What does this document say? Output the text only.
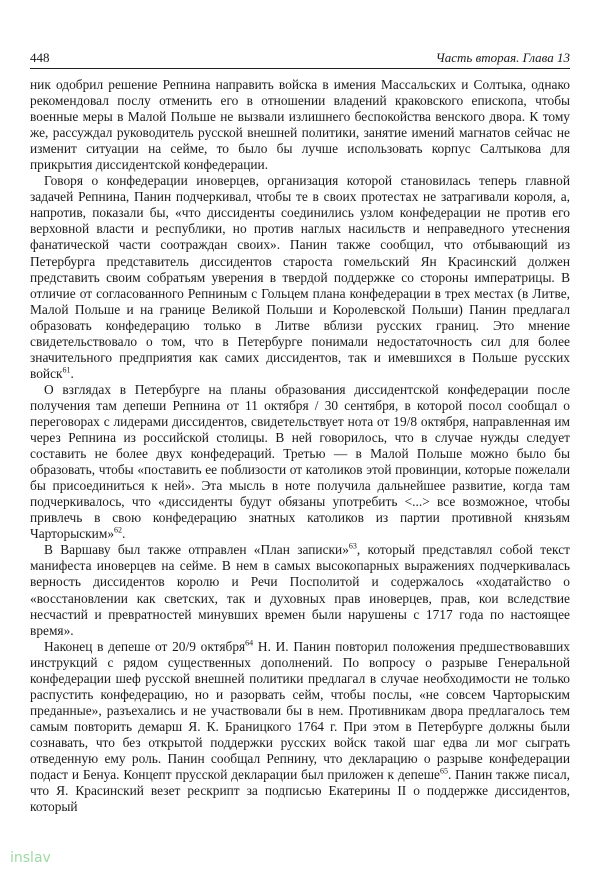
448	Часть вторая. Глава 13

ник одобрил решение Репнина направить войска в имения Массальских и Солтыка, однако рекомендовал послу отменить его в отношении владений краковского епископа, чтобы военные меры в Малой Польше не вызвали излишнего беспокойства венского двора. К тому же, рассуждал руководитель русской внешней политики, занятие имений магнатов сейчас не изменит ситуации на сейме, то было бы лучше использовать корпус Салтыкова для прикрытия диссидентской конфедерации.

Говоря о конфедерации иноверцев, организация которой становилась теперь главной задачей Репнина, Панин подчеркивал, чтобы те в своих протестах не затрагивали короля, а, напротив, показали бы, «что диссиденты соединились узлом конфедерации не против его верховной власти и республики, но против наглых насильств и неправедного утеснения фанатической части соотраждан своих». Панин также сообщил, что отбывающий из Петербурга представитель диссидентов староста гомельский Ян Красинский должен представить своим собратьям уверения в твердой поддержке со стороны императрицы. В отличие от согласованного Репниным с Гольцем плана конфедерации в трех местах (в Литве, Малой Польше и на границе Великой Польши и Королевской Польши) Панин предлагал образовать конфедерацию только в Литве вблизи русских границ. Это мнение свидетельствовало о том, что в Петербурге понимали недостаточность сил для более значительного предприятия как самих диссидентов, так и имевшихся в Польше русских войск$^{61}$.

О взглядах в Петербурге на планы образования диссидентской конфедерации после получения там депеши Репнина от 11 октября / 30 сентября, в которой посол сообщал о переговорах с лидерами диссидентов, свидетельствует нота от 19/8 октября, направленная им через Репнина из российской столицы. В ней говорилось, что в случае нужды следует составить не более двух конфедераций. Третью — в Малой Польше можно было бы образовать, чтобы «поставить ее поблизости от католиков этой провинции, которые пожелали бы присоединиться к ней». Эта мысль в ноте получила дальнейшее развитие, когда там подчеркивалось, что «диссиденты будут обязаны употребить <...> все возможное, чтобы привлечь в свою конфедерацию знатных католиков из партии противной князьям Чарторыским»$^{62}$.

В Варшаву был также отправлен «План записки»$^{63}$, который представлял собой текст манифеста иноверцев на сейме. В нем в самых высокопарных выражениях подчеркивалась верность диссидентов королю и Речи Посполитой и содержалось «ходатайство о «восстановлении как светских, так и духовных прав иноверцев, прав, кои вследствие несчастий и превратностей минувших времен были нарушены с 1717 года по настоящее время».

Наконец в депеше от 20/9 октября$^{64}$ Н. И. Панин повторил положения предшествовавших инструкций с рядом существенных дополнений. По вопросу о разрыве Генеральной конфедерации шеф русской внешней политики предлагал в случае необходимости не только распустить конфедерацию, но и разорвать сейм, чтобы послы, «не совсем Чарторыским преданные», разъехались и не участвовали бы в нем. Противникам двора предлагалось тем самым повторить демарш Я. К. Браницкого 1764 г. При этом в Петербурге должны были сознавать, что без открытой поддержки русских войск такой шаг едва ли мог сыграть отведенную ему роль. Панин сообщал Репнину, что декларацию о разрыве конфедерации подаст и Бенуа. Концепт прусской декларации был приложен к депеше$^{65}$. Панин также писал, что Я. Красинский везет рескрипт за подписью Екатерины II о поддержке диссидентов, который

inslav
